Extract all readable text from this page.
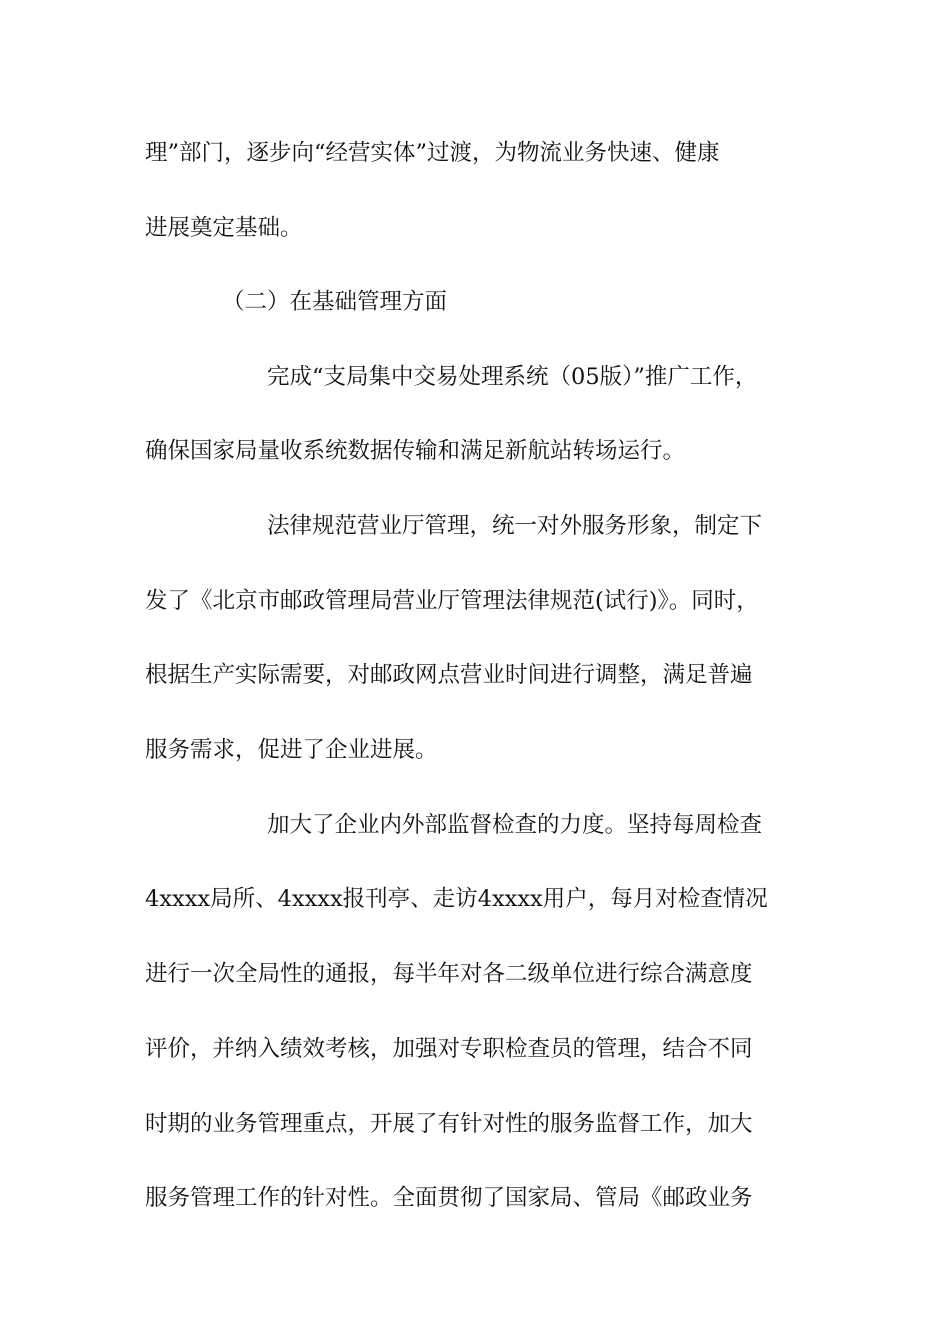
理”部门，逐步向“经营实体”过渡，为物流业务快速、健康
进展奠定基础。
（二）在基础管理方面
完成“支局集中交易处理系统（05版）”推广工作，
确保国家局量收系统数据传输和满足新航站转场运行。
法律规范营业厅管理，统一对外服务形象，制定下
发了《北京市邮政管理局营业厅管理法律规范(试行)》。同时，
根据生产实际需要，对邮政网点营业时间进行调整，满足普遍
服务需求，促进了企业进展。
加大了企业内外部监督检查的力度。坚持每周检查
4xxxx局所、4xxxx报刊亭、走访4xxxx用户，每月对检查情况
进行一次全局性的通报，每半年对各二级单位进行综合满意度
评价，并纳入绩效考核，加强对专职检查员的管理，结合不同
时期的业务管理重点，开展了有针对性的服务监督工作，加大
服务管理工作的针对性。全面贯彻了国家局、管局《邮政业务
